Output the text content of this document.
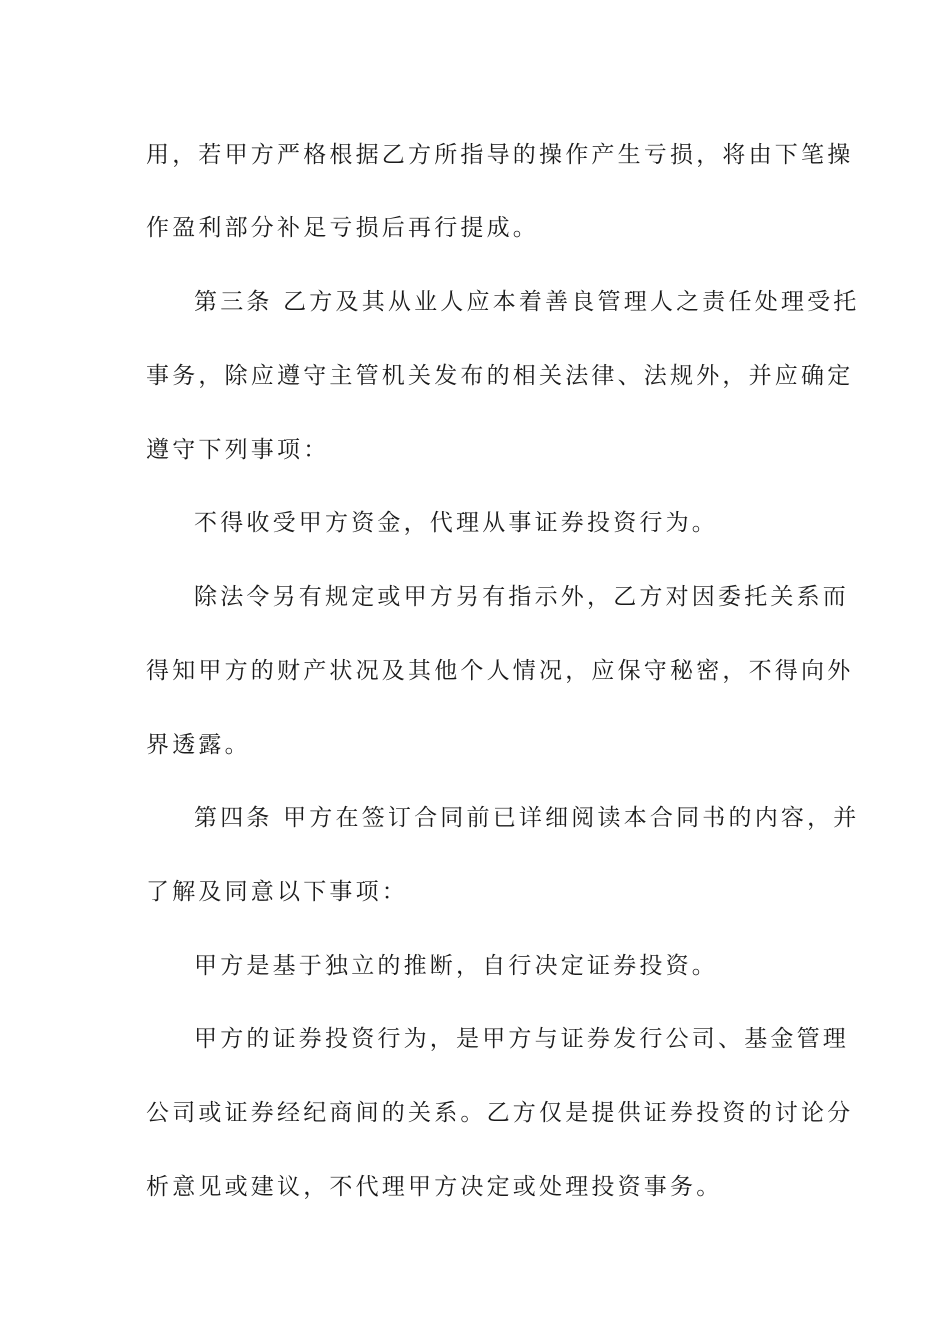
用，若甲方严格根据乙方所指导的操作产生亏损，将由下笔操
作盈利部分补足亏损后再行提成。
第三条 乙方及其从业人应本着善良管理人之责任处理受托
事务，除应遵守主管机关发布的相关法律、法规外，并应确定
遵守下列事项：
不得收受甲方资金，代理从事证券投资行为。
除法令另有规定或甲方另有指示外，乙方对因委托关系而
得知甲方的财产状况及其他个人情况，应保守秘密，不得向外
界透露。
第四条 甲方在签订合同前已详细阅读本合同书的内容，并
了解及同意以下事项：
甲方是基于独立的推断，自行决定证券投资。
甲方的证券投资行为，是甲方与证券发行公司、基金管理
公司或证券经纪商间的关系。乙方仅是提供证券投资的讨论分
析意见或建议，不代理甲方决定或处理投资事务。
